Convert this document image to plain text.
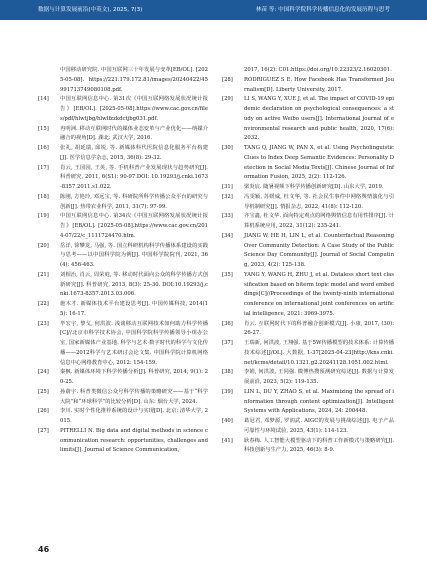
数据与计算发展前沿(中英文), 2025, 7(3)	林苗 等: 中国科学院科学传播信息化的发展历程与思考
中国移动研究院. 中国互联网三十年发展与变革[EB/OL]. [2025-05-08]. https://221.179.172.81/images/20240422/45991713749080108.pdf.
[14] 中国互联网信息中心. 第31次《中国互联网络发展状况统计报告》[EB/OL]. [2025-05-08].https://www.cac.gov.cn/files/pdf/hlwtjbg/hlwlfzzkdctjbg031.pdf.
[15] 冉明洲. 移动互联网时代的媒体业态变革与产业优化——纳媒介融合的视角[D]. 湖北: 武汉大学, 2016.
[16] 张礼, 胡延瑞, 邱锐, 等. 新媒体科代医院信息化服务平台构建[J]. 医学信息学杂志, 2015, 36(8): 29-32.
[17] 肖云, 王园园, 王英, 等. 手机科普产业发展现状与趋势研究[J]. 科普研究, 2011, 6(S1): 90-97.DOI: 10.19293/j.cnki.1673-8357.2011.s1.022.
[18] 陈刚, 方艳玲, 邓远宝, 等. 科研院所科学传播公众平台的研究与创新[J]. 热带农业科学, 2011, 31(7): 97-99.
[19] 中国互联网信息中心. 第34次《中国互联网络发展状况统计报告》[EB/OL]. [2025-05-08].https://www.cac.gov.cn/2014-07/22/c_1111724470.htm.
[20] 岳洋, 徐攀龙, 马强, 等. 国立科研机构科学传播体系建设的实践与思考——以中国科学院为例[J]. 中国科学院院刊, 2021, 36(4): 456-463.
[21] 刘相治, 肖云, 周荣庭, 等. 移动时代面向公众的科学传播方式创新研究[J]. 科普研究, 2013, 8(3): 25-30. DOI:10.19293/j.cnki.1673-8357.2013.03.006.
[22] 施木才. 新媒体技术平台建设思考[J]. 中国传媒科技, 2014(15): 16-17.
[23] 毕宏宇, 黎戈, 何洪波. 浅谈移动互联网技术如何助力科学传播[C]//北京市科学技术协会, 中国科学院科学传播领导小组办公室, 国家新媒体产业基地. 科学与艺术·数字时代的科学与文化传播——2012科学与艺术研讨会论文集. 中国科学院计算机网络信息中心网络教育中心, 2012: 154-159.
[24] 秦枫. 新媒体环境下科学传播分析[J]. 科普研究, 2014, 9(1): 20-25.
[25] 孙蔚宇. 科普类微信公众号科学传播的策略研究——基于“科学大院”和“环球科学”的比较分析[D]. 山东: 烟台大学, 2024.
[26] 李川. 实时个性化推荐系统的设计与实现[D]. 北京: 清华大学, 2015.
[27] PITRELLI N. Big data and digital methods in science communication research: opportunities, challenges and limits[J]. Journal of Science Communication,
2017, 16(2): C01.https://doi.org/10.22323/2.16020301.
[28] RODRIGUEZ S E. How Facebook Has Transformed Journalism[D]. Liberty University, 2017.
[29] LI S, WANG Y, XUE J, et al. The impact of COVID-19 epidemic declaration on psychological consequences: a study on active Weibo users[J]. International journal of environmental research and public health, 2020, 17(6): 2032.
[30] TANG Q, JIANG W, PAN X, et al. Using Psycholinguistic Clues to Index Deep Semantic Evidences: Personality Detection in Social Media Texts[J]. Chinese Journal of Information Fusion, 2025, 2(2): 112-126.
[31] 梁炎宸. 随暑视频下科学传播创新研究[D]. 山东大学, 2019.
[32] 冯雯颖, 苏媛威, 杜文华, 等. 社会民生事件中网络舆情演化与引导机制研究[J]. 情报杂志, 2022, 41(8): 112-120.
[33] 齐宝鑫, 杜文华. 面向特定观点的网络舆情信息有用性排序[J]. 计算机系统应用, 2022, 31(12): 235-241.
[34] JIANG W, HE H, LIN L, et al. Counterfactual Reasoning Over Community Detection: A Case Study of the Public Science Day Community[J]. Journal of Social Computing, 2023, 4(2): 125-138.
[35] YANG Y, WANG H, ZHU J, et al. Dataless short text classification based on biterm topic model and word embeddings[C]//Proceedings of the twenty-ninth international conference on international joint conferences on artificial intelligence, 2021: 3969-3975.
[36] 肖云. 互联网时代下的科普融合创新模式[J]. 小康, 2017, (30): 26-27.
[37] 王瑞新, 何洪波, 王翔强. 基于5W传播模型的技术体系: 计算传播技术综述[J/OL]. 大数据, 1-37[2025-04-23]http://kns.cnki.net/kcms/detail/10.1321.g2.20241128.1051.002.html.
[38] 李娟, 何洪波, 王同强. 微博热搜预测研究综述[J]. 数据与计算发展前沿, 2023, 5(2): 119-135.
[39] LIN L, DU Y, ZHAO S, et al. Maximizing the spread of information through content optimization[J]. Intelligent Systems with Applications, 2024, 24: 200448.
[40] 葛冠君, 邓梦源, 罗润武. AIGC的发展与挑战综述[J]. 电子产品可靠性与环境试验, 2025, 43(1): 114-123.
[41] 耿春梅. 人工智能大模型驱动下的科普工作新模式与策略研究[J]. 科技创新与生产力, 2025, 46(3): 8-9.
46
